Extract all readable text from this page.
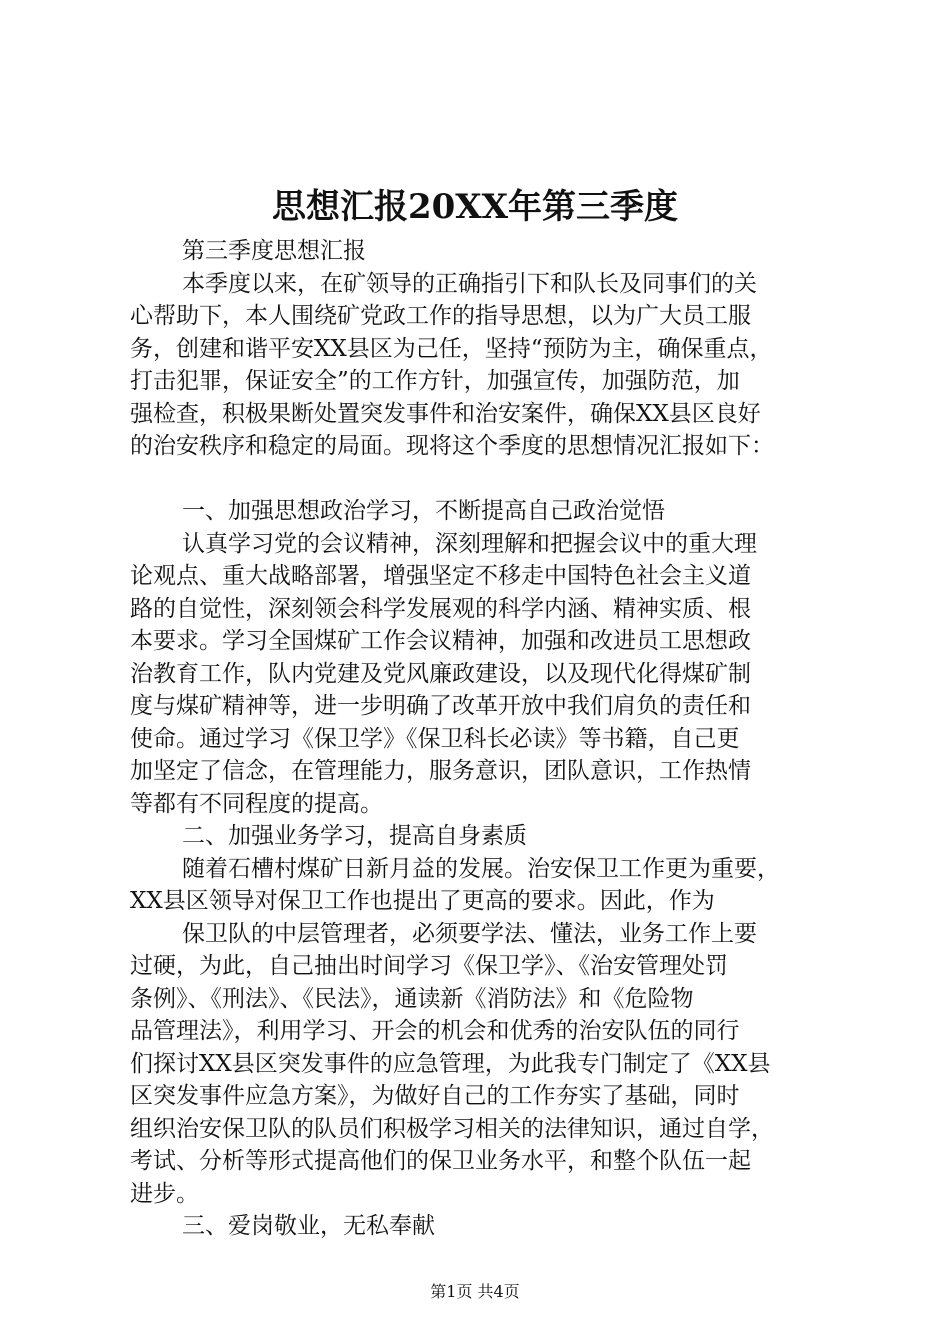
思想汇报20XX年第三季度
第三季度思想汇报
本季度以来，在矿领导的正确指引下和队长及同事们的关
心帮助下，本人围绕矿党政工作的指导思想，以为广大员工服
务，创建和谐平安XX县区为己任，坚持“预防为主，确保重点，
打击犯罪，保证安全”的工作方针，加强宣传，加强防范，加
强检查，积极果断处置突发事件和治安案件，确保XX县区良好
的治安秩序和稳定的局面。现将这个季度的思想情况汇报如下：
一、加强思想政治学习，不断提高自己政治觉悟
认真学习党的会议精神，深刻理解和把握会议中的重大理
论观点、重大战略部署，增强坚定不移走中国特色社会主义道
路的自觉性，深刻领会科学发展观的科学内涵、精神实质、根
本要求。学习全国煤矿工作会议精神，加强和改进员工思想政
治教育工作，队内党建及党风廉政建设，以及现代化得煤矿制
度与煤矿精神等，进一步明确了改革开放中我们肩负的责任和
使命。通过学习《保卫学》《保卫科长必读》等书籍，自己更
加坚定了信念，在管理能力，服务意识，团队意识，工作热情
等都有不同程度的提高。
二、加强业务学习，提高自身素质
随着石槽村煤矿日新月益的发展。治安保卫工作更为重要，
XX县区领导对保卫工作也提出了更高的要求。因此，作为
保卫队的中层管理者，必须要学法、懂法，业务工作上要
过硬，为此，自己抽出时间学习《保卫学》、《治安管理处罚
条例》、《刑法》、《民法》，通读新《消防法》和《危险物
品管理法》，利用学习、开会的机会和优秀的治安队伍的同行
们探讨XX县区突发事件的应急管理，为此我专门制定了《XX县
区突发事件应急方案》，为做好自己的工作夯实了基础，同时
组织治安保卫队的队员们积极学习相关的法律知识，通过自学，
考试、分析等形式提高他们的保卫业务水平，和整个队伍一起
进步。
三、爱岗敬业，无私奉献
第1页 共4页
